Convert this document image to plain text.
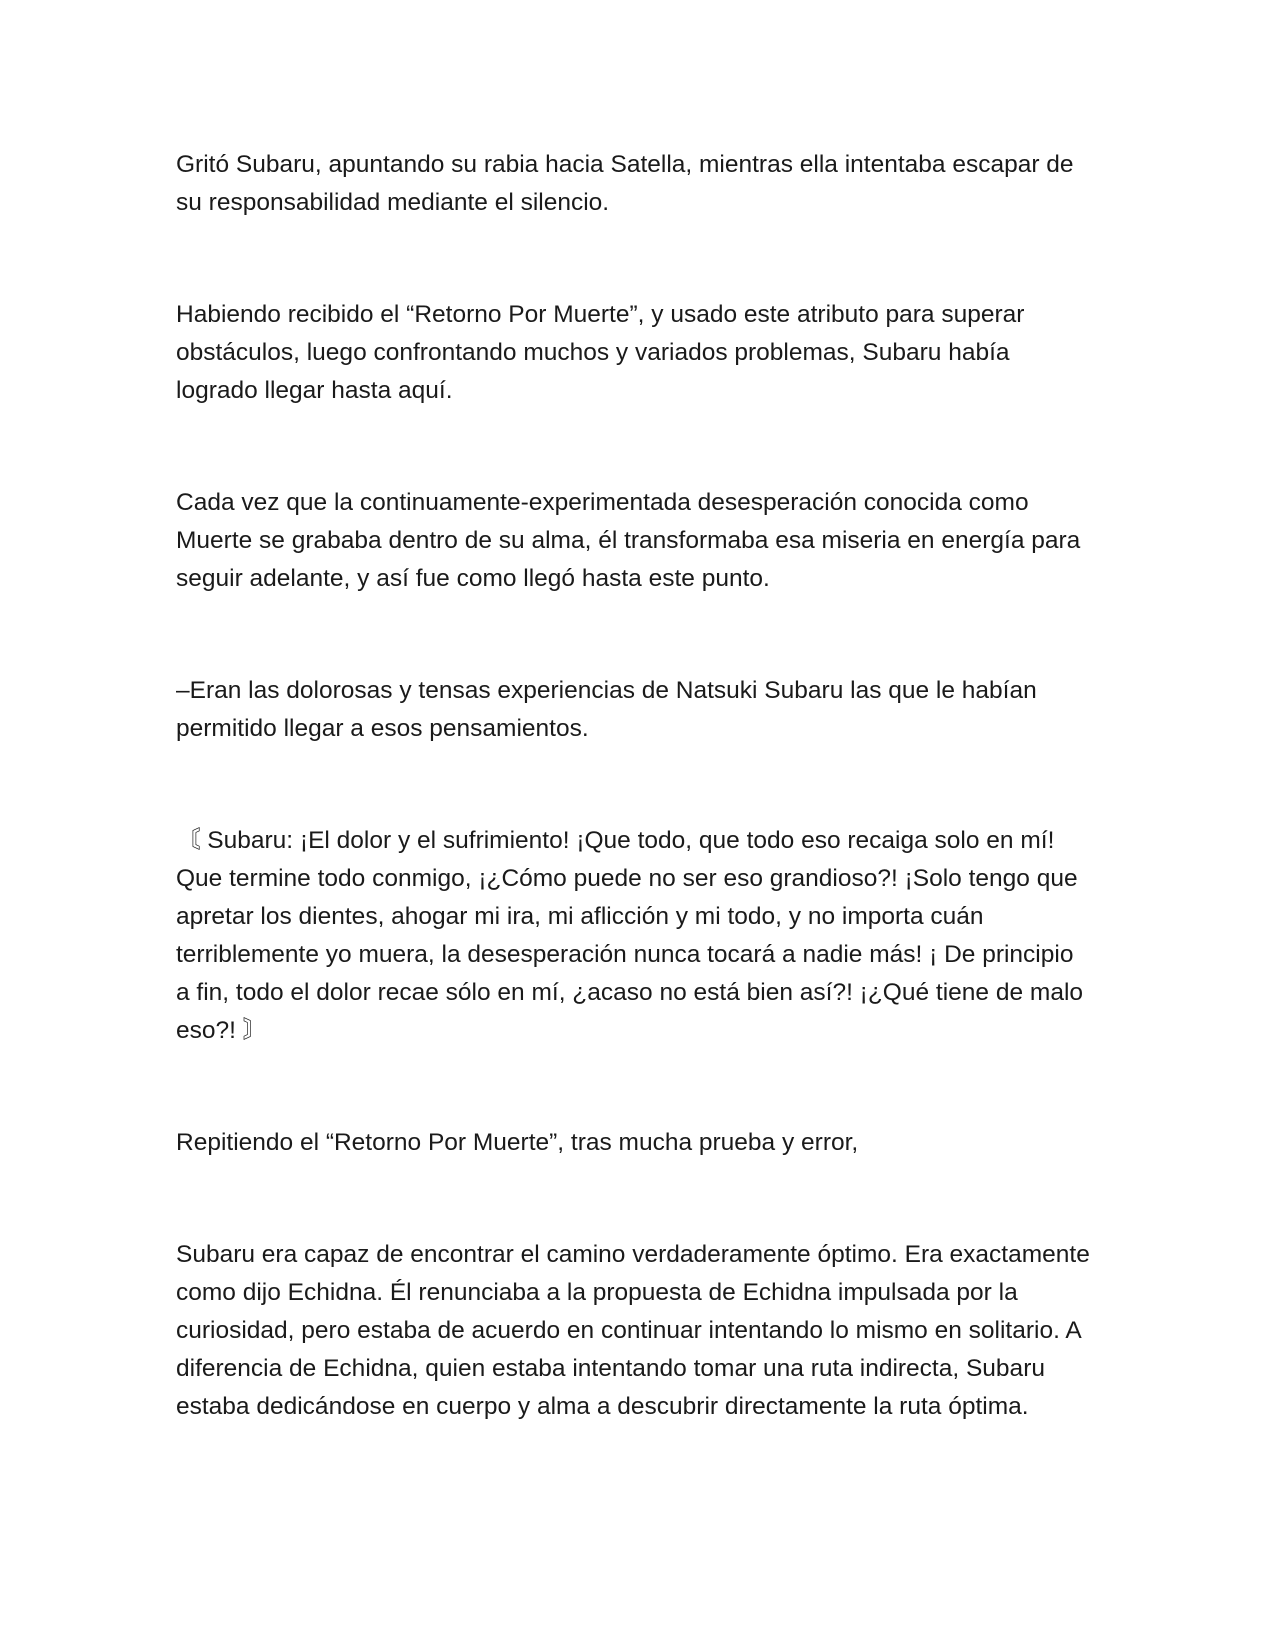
Gritó Subaru, apuntando su rabia hacia Satella, mientras ella intentaba escapar de su responsabilidad mediante el silencio.

Habiendo recibido el “Retorno Por Muerte”, y usado este atributo para superar obstáculos, luego confrontando muchos y variados problemas, Subaru había logrado llegar hasta aquí.

Cada vez que la continuamente-experimentada desesperación conocida como Muerte se grababa dentro de su alma, él transformaba esa miseria en energía para seguir adelante, y así fue como llegó hasta este punto.

–Eran las dolorosas y tensas experiencias de Natsuki Subaru las que le habían permitido llegar a esos pensamientos.

〘 Subaru: ¡El dolor y el sufrimiento! ¡Que todo, que todo eso recaiga solo en mí! Que termine todo conmigo, ¡¿Cómo puede no ser eso grandioso?! ¡Solo tengo que apretar los dientes, ahogar mi ira, mi aflicción y mi todo, y no importa cuán terriblemente yo muera, la desesperación nunca tocará a nadie más! ¡ De principio a fin, todo el dolor recae sólo en mí, ¿acaso no está bien así?! ¡¿Qué tiene de malo eso?! 〙

Repitiendo el “Retorno Por Muerte”, tras mucha prueba y error,

Subaru era capaz de encontrar el camino verdaderamente óptimo. Era exactamente como dijo Echidna. Él renunciaba a la propuesta de Echidna impulsada por la curiosidad, pero estaba de acuerdo en continuar intentando lo mismo en solitario. A diferencia de Echidna, quien estaba intentando tomar una ruta indirecta, Subaru estaba dedicándose en cuerpo y alma a descubrir directamente la ruta óptima.
